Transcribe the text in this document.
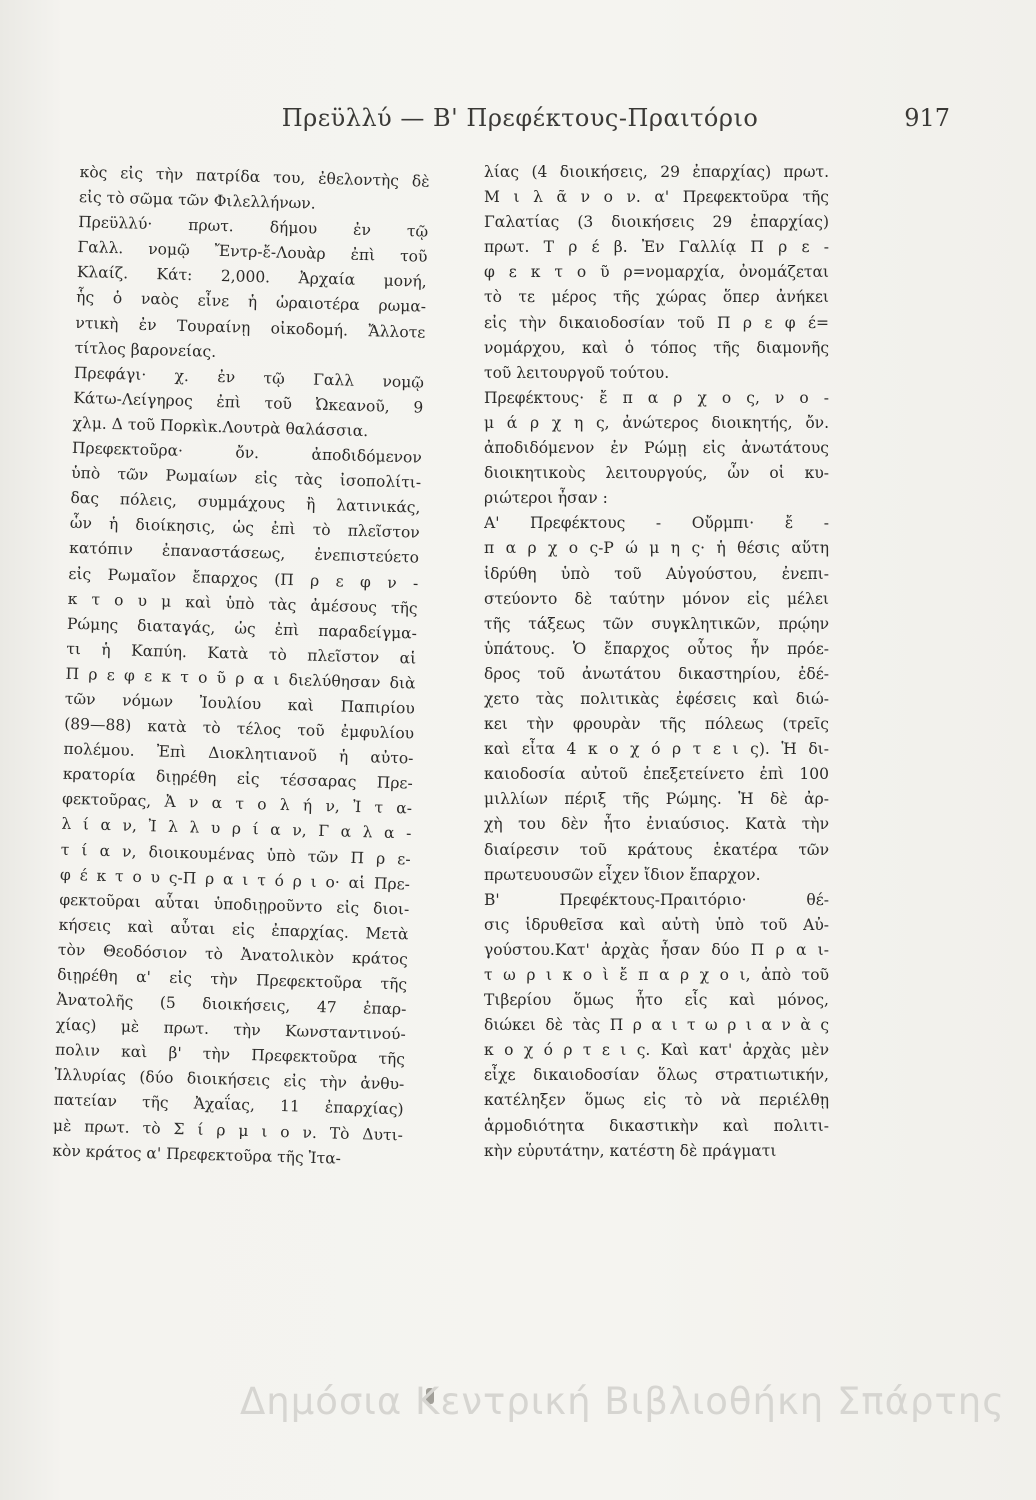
Πρεϋλλύ — Β' Πρεφέκτους-Πραιτόριο	917
κὸς εἰς τὴν πατρίδα του, ἐθελοντὴς δὲ
εἰς τὸ σῶμα τῶν Φιλελλήνων.
Πρεϋλλύ· πρωτ. δήμου ἐν τῷ
Γαλλ. νομῷ Ἔντρ-ἔ-Λουὰρ ἐπὶ τοῦ
Κλαίζ. Κάτ: 2,000. Ἀρχαία μονή,
ἧς ὁ ναὸς εἶνε ἡ ὡραιοτέρα ρωμα-
ντικὴ ἐν Τουραίνῃ οἰκοδομή. Ἄλλοτε
τίτλος βαρονείας.
Πρεφάγι· χ. ἐν τῷ Γαλλ νομῷ
Κάτω-Λείγηρος ἐπὶ τοῦ Ὠκεανοῦ, 9
χλμ. Δ τοῦ Πορκὶκ.Λουτρὰ θαλάσσια.
Πρεφεκτοῦρα· ὄν. ἀποδιδόμενον
ὑπὸ τῶν Ρωμαίων εἰς τὰς ἰσοπολίτι-
δας πόλεις, συμμάχους ἢ λατινικάς,
ὧν ἡ διοίκησις, ὡς ἐπὶ τὸ πλεῖστον
κατόπιν ἐπαναστάσεως, ἐνεπιστεύετο
εἰς Ρωμαῖον ἔπαρχος (Π ρ ε φ ν -
κ τ ο υ μ καὶ ὑπὸ τὰς ἀμέσους τῆς
Ρώμης διαταγάς, ὡς ἐπὶ παραδείγμα-
τι ἡ Καπύη. Κατὰ τὸ πλεῖστον αἱ
Π ρ ε φ ε κ τ ο ῦ ρ α ι διελύθησαν διὰ
τῶν νόμων Ἰουλίου καὶ Παπιρίου
(89—88) κατὰ τὸ τέλος τοῦ ἐμφυλίου
πολέμου. Ἐπὶ Διοκλητιανοῦ ἡ αὐτο-
κρατορία διῃρέθη εἰς τέσσαρας Πρε-
φεκτοῦρας, Ἀ ν α τ ο λ ή ν, Ἰ τ α-
λ ί α ν, Ἰ λ λ υ ρ ί α ν, Γ α λ α -
τ ί α ν, διοικουμένας ὑπὸ τῶν Π ρ ε-
φ έ κ τ ο υ ς-Π ρ α ι τ ό ρ ι ο· αἱ Πρε-
φεκτοῦραι αὗται ὑποδιῃροῦντο εἰς διοι-
κήσεις καὶ αὗται εἰς ἐπαρχίας. Μετὰ
τὸν Θεοδόσιον τὸ Ἀνατολικὸν κράτος
διῃρέθη α' εἰς τὴν Πρεφεκτοῦρα τῆς
Ἀνατολῆς (5 διοικήσεις, 47 ἐπαρ-
χίας) μὲ πρωτ. τὴν Κωνσταντινού-
πολιν καὶ β' τὴν Πρεφεκτοῦρα τῆς
Ἰλλυρίας (δύο διοικήσεις εἰς τὴν ἀνθυ-
πατείαν τῆς Ἀχαΐας, 11 ἐπαρχίας)
μὲ πρωτ. τὸ Σ ί ρ μ ι ο ν. Τὸ Δυτι-
κὸν κράτος α' Πρεφεκτοῦρα τῆς Ἰτα-
λίας (4 διοικήσεις, 29 ἐπαρχίας) πρωτ.
Μ ι λ ᾶ ν ο ν. α' Πρεφεκτοῦρα τῆς
Γαλατίας (3 διοικήσεις 29 ἐπαρχίας)
πρωτ. Τ ρ έ β. Ἐν Γαλλίᾳ Π ρ ε -
φ ε κ τ ο ῦ ρ=νομαρχία, ὀνομάζεται
τὸ τε μέρος τῆς χώρας ὅπερ ἀνήκει
εἰς τὴν δικαιοδοσίαν τοῦ Π ρ ε φ έ=
νομάρχου, καὶ ὁ τόπος τῆς διαμονῆς
τοῦ λειτουργοῦ τούτου.
Πρεφέκτους· ἔ π α ρ χ ο ς, ν ο -
μ ά ρ χ η ς, ἀνώτερος διοικητής, ὄν.
ἀποδιδόμενον ἐν Ρώμῃ εἰς ἀνωτάτους
διοικητικοὺς λειτουργούς, ὧν οἱ κυ-
ριώτεροι ἦσαν :
Α' Πρεφέκτους - Οὔρμπι· ἔ -
π α ρ χ ο ς-Ρ ώ μ η ς· ἡ θέσις αὕτη
ἱδρύθη ὑπὸ τοῦ Αὐγούστου, ἐνεπι-
στεύοντο δὲ ταύτην μόνον εἰς μέλει
τῆς τάξεως τῶν συγκλητικῶν, πρῴην
ὑπάτους. Ὁ ἔπαρχος οὗτος ἦν πρόε-
δρος τοῦ ἀνωτάτου δικαστηρίου, ἐδέ-
χετο τὰς πολιτικὰς ἐφέσεις καὶ διώ-
κει τὴν φρουρὰν τῆς πόλεως (τρεῖς
καὶ εἶτα 4 κ ο χ ό ρ τ ε ι ς). Ἡ δι-
καιοδοσία αὐτοῦ ἐπεξετείνετο ἐπὶ 100
μιλλίων πέριξ τῆς Ρώμης. Ἡ δὲ ἀρ-
χὴ του δὲν ἦτο ἐνιαύσιος. Κατὰ τὴν
διαίρεσιν τοῦ κράτους ἑκατέρα τῶν
πρωτευουσῶν εἶχεν ἴδιον ἔπαρχον.
Β' Πρεφέκτους-Πραιτόριο· θέ-
σις ἱδρυθεῖσα καὶ αὐτὴ ὑπὸ τοῦ Αὐ-
γούστου.Κατ' ἀρχὰς ἦσαν δύο Π ρ α ι-
τ ω ρ ι κ ο ὶ ἔ π α ρ χ ο ι, ἀπὸ τοῦ
Τιβερίου ὅμως ἦτο εἷς καὶ μόνος,
διώκει δὲ τὰς Π ρ α ι τ ω ρ ι α ν ὰ ς
κ ο χ ό ρ τ ε ι ς. Καὶ κατ' ἀρχὰς μὲν
εἶχε δικαιοδοσίαν ὅλως στρατιωτικήν,
κατέληξεν ὅμως εἰς τὸ νὰ περιέλθῃ
ἁρμοδιότητα δικαστικὴν καὶ πολιτι-
κὴν εὐρυτάτην, κατέστη δὲ πράγματι
Δημόσια Κεντρική Βιβλιοθήκη Σπάρτης
